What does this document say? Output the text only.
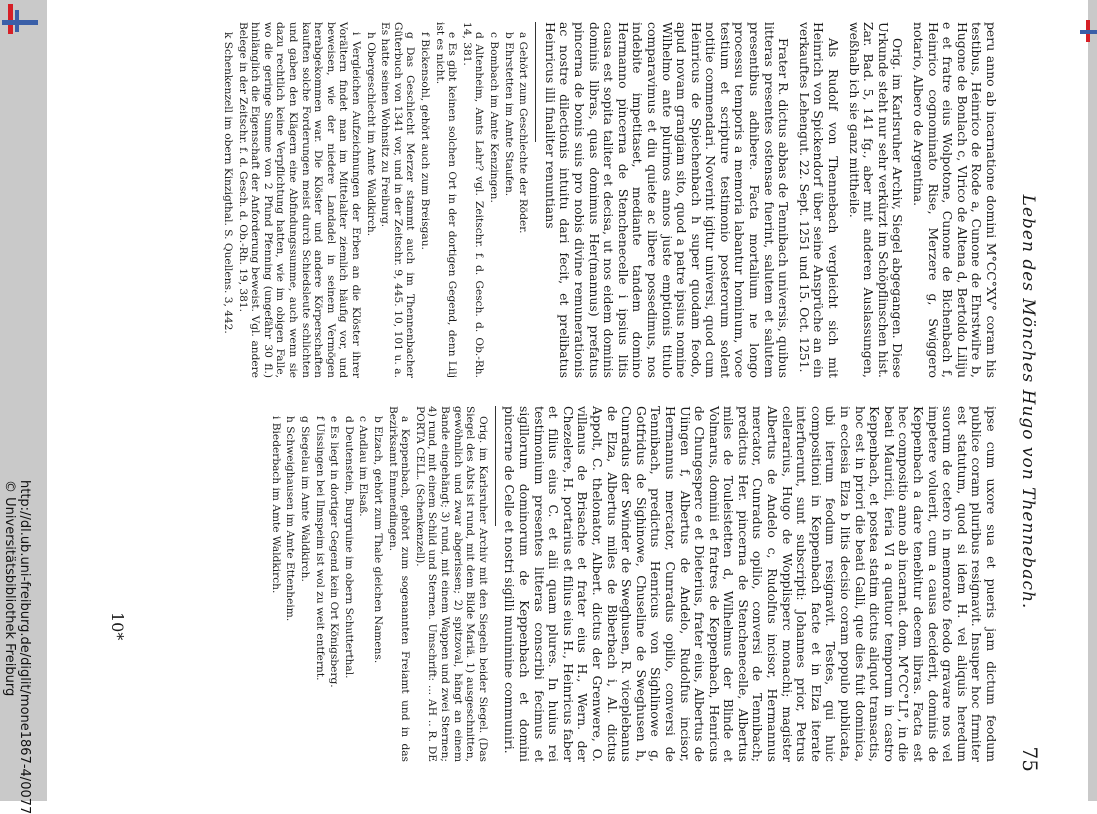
http://dl.ub.uni-freiburg.de/diglit/mone1867-4/0077
© Universitätsbibliothek Freiburg	Leben des Mönches Hugo von Thennebach.
75

peru anno ab incarnatione domini M°CC°XV° coram his testibus, Heinrico de Rode a, Cunone de Ehrstwilre b, Hugone de Bonlach c, Vlrico de Altena d, Bertoldo Liliju e et fratre eius Wolpotone, Cunone de Bichenbach f, Heinrico cognominato Rise, Merzere g, Swiggero notario, Albero de Argentina.

Orig. im Karlsruher Archiv, Siegel abgegangen. Diese Urkunde steht nur sehr verkürzt im Schöpflinschen hist. Zar. Bad. 5, 141 fg., aber mit anderen Auslassungen, weßhalb ich sie ganz mittheile.

Als Rudolf von Thennebach vergleicht sich mit Heinrich von Spickendorf über seine Ansprüche an ein verkauftes Lehengut. 22. Sept. 1251 und 15. Oct. 1251.

Frater R. dictus abbas de Tennibach universis, quibus litteras presentes ostensae fuerint, salutem et salutem presentibus adhibere. Facta mortalium ne longo processu temporis a memoria labantur hominum, voce testium et scripture testimonio posterorum solent notitie commendari. Noverint igitur universi, quod cum Heinricus de Spiechenbach h super quodam feodo, apud novam grangiam sito, quod a patre ipsius nomine Wilhelmo ante plurimos annos juste emptionis titulo comparavimus et diu quiete ac libere possedimus, nos indebite impetitaset, mediante tandem domino Hermanno pincerna de Stenchenecelle i ipsius litis causa est sopita taliter et decisa, ut nos eidem dominis dominis libras, quas domimus Her(mannus) prefatus pincerna de bonis suis pro nobis divine remunerationis ac nostre dilectionis intuitu dari fecit, et prelibatus Heinricus illi finaliter renuntians

a Gehört zum Geschlechte der Röder.

b Ehrstetten im Amte Staufen.

c Bombach im Amte Kenzingen.

d Altenheim, Amts Lahr? vgl. Zeitschr. f. d. Gesch. d. Ob.-Rh. 14, 381.

e Es gibt keinen solchen Ort in der dortigen Gegend, denn Lilj ist es nicht.

f Bickensohl, gehört auch zum Breisgau.

g Das Geschlecht Merzer stammt auch im Thennenbacher Güterbuch von 1341 vor, und in der Zeitschr. 9, 445. 10, 101 u. a. Es hatte seinen Wohnsitz zu Freiburg.

h Obergeschlecht im Amte Waldkirch.

i Vergleichen Aufzeichnungen der Erben an die Klöster ihrer Vorältern findet man im Mittelalter ziemlich häufig vor, und beweisen, wie der niedere Landadel in seinem Vermögen herabgekommen war. Die Klöster und andere Körperschaften kauften solche Forderungen meist durch Schiedsleute schlichten und gaben den Klägern eine Abfindungssumme, auch wenn sie dazu rechtlich keine Verpflichtung hatten, wie im obigen Falle, wo die geringe Summe von 2 Pfund Pfenning (ungefähr 30 fl.) hinlänglich die Eigenschaft der Anforderung beweist. Vgl. andere Belege in der Zeitschr. f. d. Gesch. d. Ob.-Rh. 19, 381.

k Schenkenzell im obern Kinzigthal. S. Quellens. 3, 442.

ipse cum uxore sua et pueris jam dictum feodum publice coram pluribus resignavit. Insuper hoc firmiter est statutum, quod si idem H. vel aliquis heredum suorum de cetero in memorato feodo gravare nos vel impetere voluerit, cum a causa deciderit, dominis de Keppenbach a dare tenebitur decem libras. Facta est hec compositio anno ab incarnat. dom. M°CC°LI°, in die beati Mauricii, feria VI a quatuor temporum in castro Keppenbach, et postea statim dictus aliquot transactis, hoc est in priori die beati Galli, que dies fuit dominica, in ecclesia Elza b litis decisio coram populo publicata, ubi iterum feodum resignavit. Testes, qui huic compositioni in Keppenbach facte et in Elza iterate interfuerunt, sunt subscripti: Johannes prior, Petrus cellerarius, Hugo de Wopplisperc monachi; magister Albertus de Andelo c, Rudolfus incisor, Hermannus mercator, Cunradus opilio, conversi de Tennibach; predictus Her. pincerna de Stenchenecelle, Albertus miles de Touleistetten d, Wilhelmus der Blinde et Volmarus, dominii et fratres de Keppenbach, Henricus de Chungesperc e et Dieterius, frater eius, Albertus de Uiingen f, Albertus de Andelo, Rudolfus incisor, Hermannus mercator, Cunradus opilio, conversi de Tennibach, predictus Henricus von Sighlinowe g, Gotfridus de Sighinowe, Chuseline de Sweghusen h, Cunradus der Swinder de Sweghusen, R. viceplebanus de Elza, Albertus miles de Biberbach i, Al. dictus Appolt, C. thelonator, Albert. dictus der Grenwere, O. villanus de Brisache et frater eius H., Wern. der Chezelere, H. portarius et filius eius H., Heinricus faber et filius eius C. et alii quam plures. In huius rei testimonium presentes litteras conscribi fecimus et sigillorum dominorum de Keppenbach et domini pincerne de Celle et nostri sigilli munimine communiri.

Orig. im Karlsruher Archiv mit den Siegeln beider Siegel. (Das Siegel des Abts ist rund, mit dem Bilde Mariä. 1) ausgeschnitten, gewöhnlich und zwar abgerissen; 2) spitzoval, hängt an einem Bande eingehängt; 3) rund, mit einem Wappen und zwei Sternen; 4) rund, mit einem Schild und Sternen. Umschrift: ... AH .. R. DE PORTA CELL. (Schenkenzell).

a Keppenbach, gehört zum sogenannten Freiamt und in das Bezirksamt Emmendingen.

b Elzach, gehört zum Thale gleichen Namens.

c Andlau im Elsaß.

d Deutenstein, Burgruine im obern Schutterthal.

e Es liegt in dortiger Gegend kein Ort Königsberg.

f Uissingen bei Ilmspeim ist wol zu weit entfernt.

g Siegelau im Amte Waldkirch.

h Schweighausen im Amte Ettenheim.

i Biederbach im Amte Waldkirch.

10*
